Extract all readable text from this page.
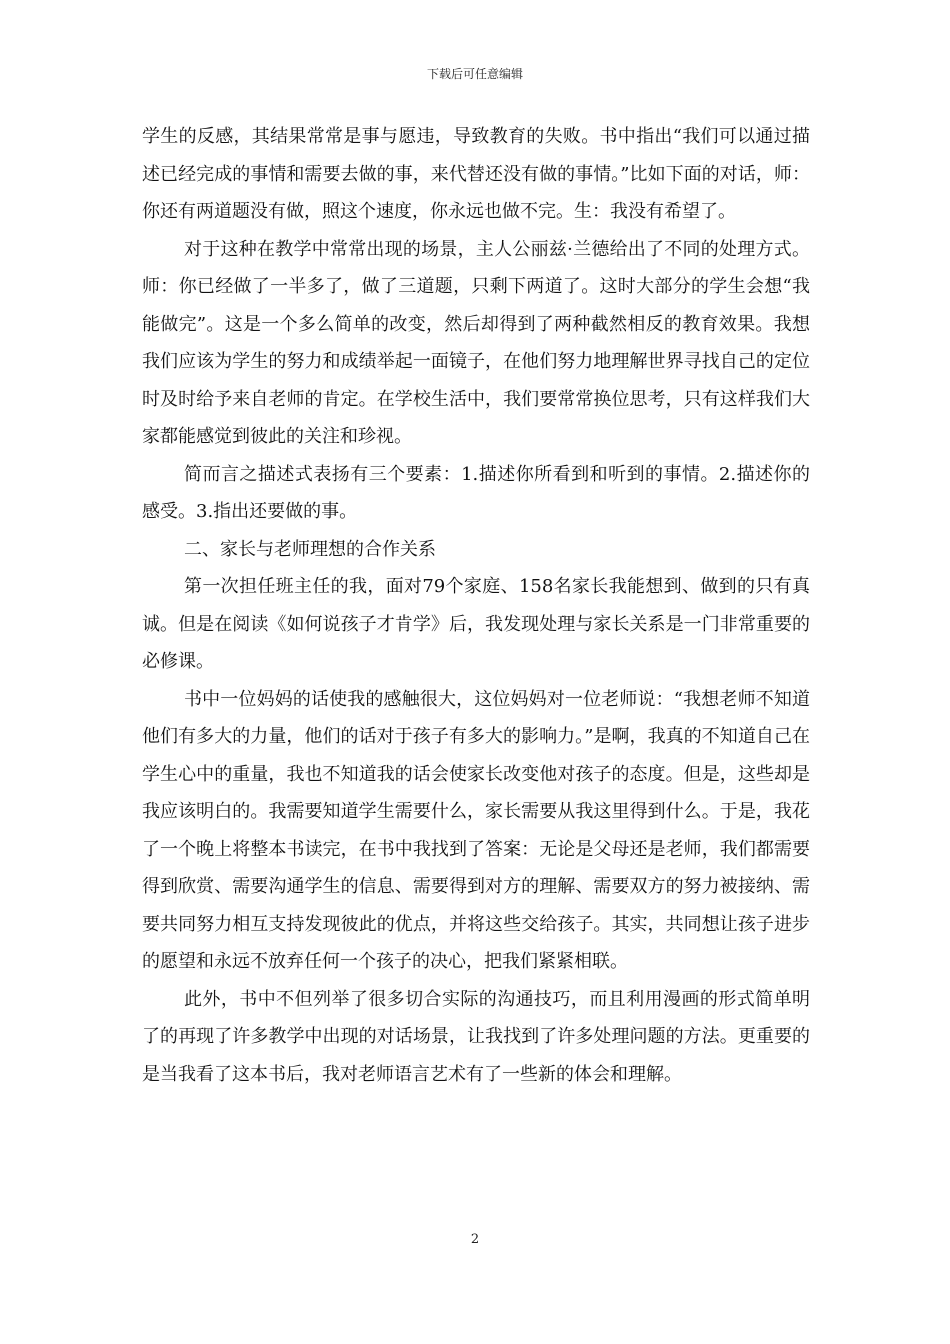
下载后可任意编辑

学生的反感，其结果常常是事与愿违，导致教育的失败。书中指出“我们可以通过描述已经完成的事情和需要去做的事，来代替还没有做的事情。”比如下面的对话，师：你还有两道题没有做，照这个速度，你永远也做不完。生：我没有希望了。

对于这种在教学中常常出现的场景，主人公丽兹·兰德给出了不同的处理方式。师：你已经做了一半多了，做了三道题，只剩下两道了。这时大部分的学生会想“我能做完”。这是一个多么简单的改变，然后却得到了两种截然相反的教育效果。我想我们应该为学生的努力和成绩举起一面镜子，在他们努力地理解世界寻找自己的定位时及时给予来自老师的肯定。在学校生活中，我们要常常换位思考，只有这样我们大家都能感觉到彼此的关注和珍视。

简而言之描述式表扬有三个要素：1.描述你所看到和听到的事情。2.描述你的感受。3.指出还要做的事。

二、家长与老师理想的合作关系

第一次担任班主任的我，面对79个家庭、158名家长我能想到、做到的只有真诚。但是在阅读《如何说孩子才肯学》后，我发现处理与家长关系是一门非常重要的必修课。

书中一位妈妈的话使我的感触很大，这位妈妈对一位老师说：“我想老师不知道他们有多大的力量，他们的话对于孩子有多大的影响力。”是啊，我真的不知道自己在学生心中的重量，我也不知道我的话会使家长改变他对孩子的态度。但是，这些却是我应该明白的。我需要知道学生需要什么，家长需要从我这里得到什么。于是，我花了一个晚上将整本书读完，在书中我找到了答案：无论是父母还是老师，我们都需要得到欣赏、需要沟通学生的信息、需要得到对方的理解、需要双方的努力被接纳、需要共同努力相互支持发现彼此的优点，并将这些交给孩子。其实，共同想让孩子进步的愿望和永远不放弃任何一个孩子的决心，把我们紧紧相联。

此外，书中不但列举了很多切合实际的沟通技巧，而且利用漫画的形式简单明了的再现了许多教学中出现的对话场景，让我找到了许多处理问题的方法。更重要的是当我看了这本书后，我对老师语言艺术有了一些新的体会和理解。

2
